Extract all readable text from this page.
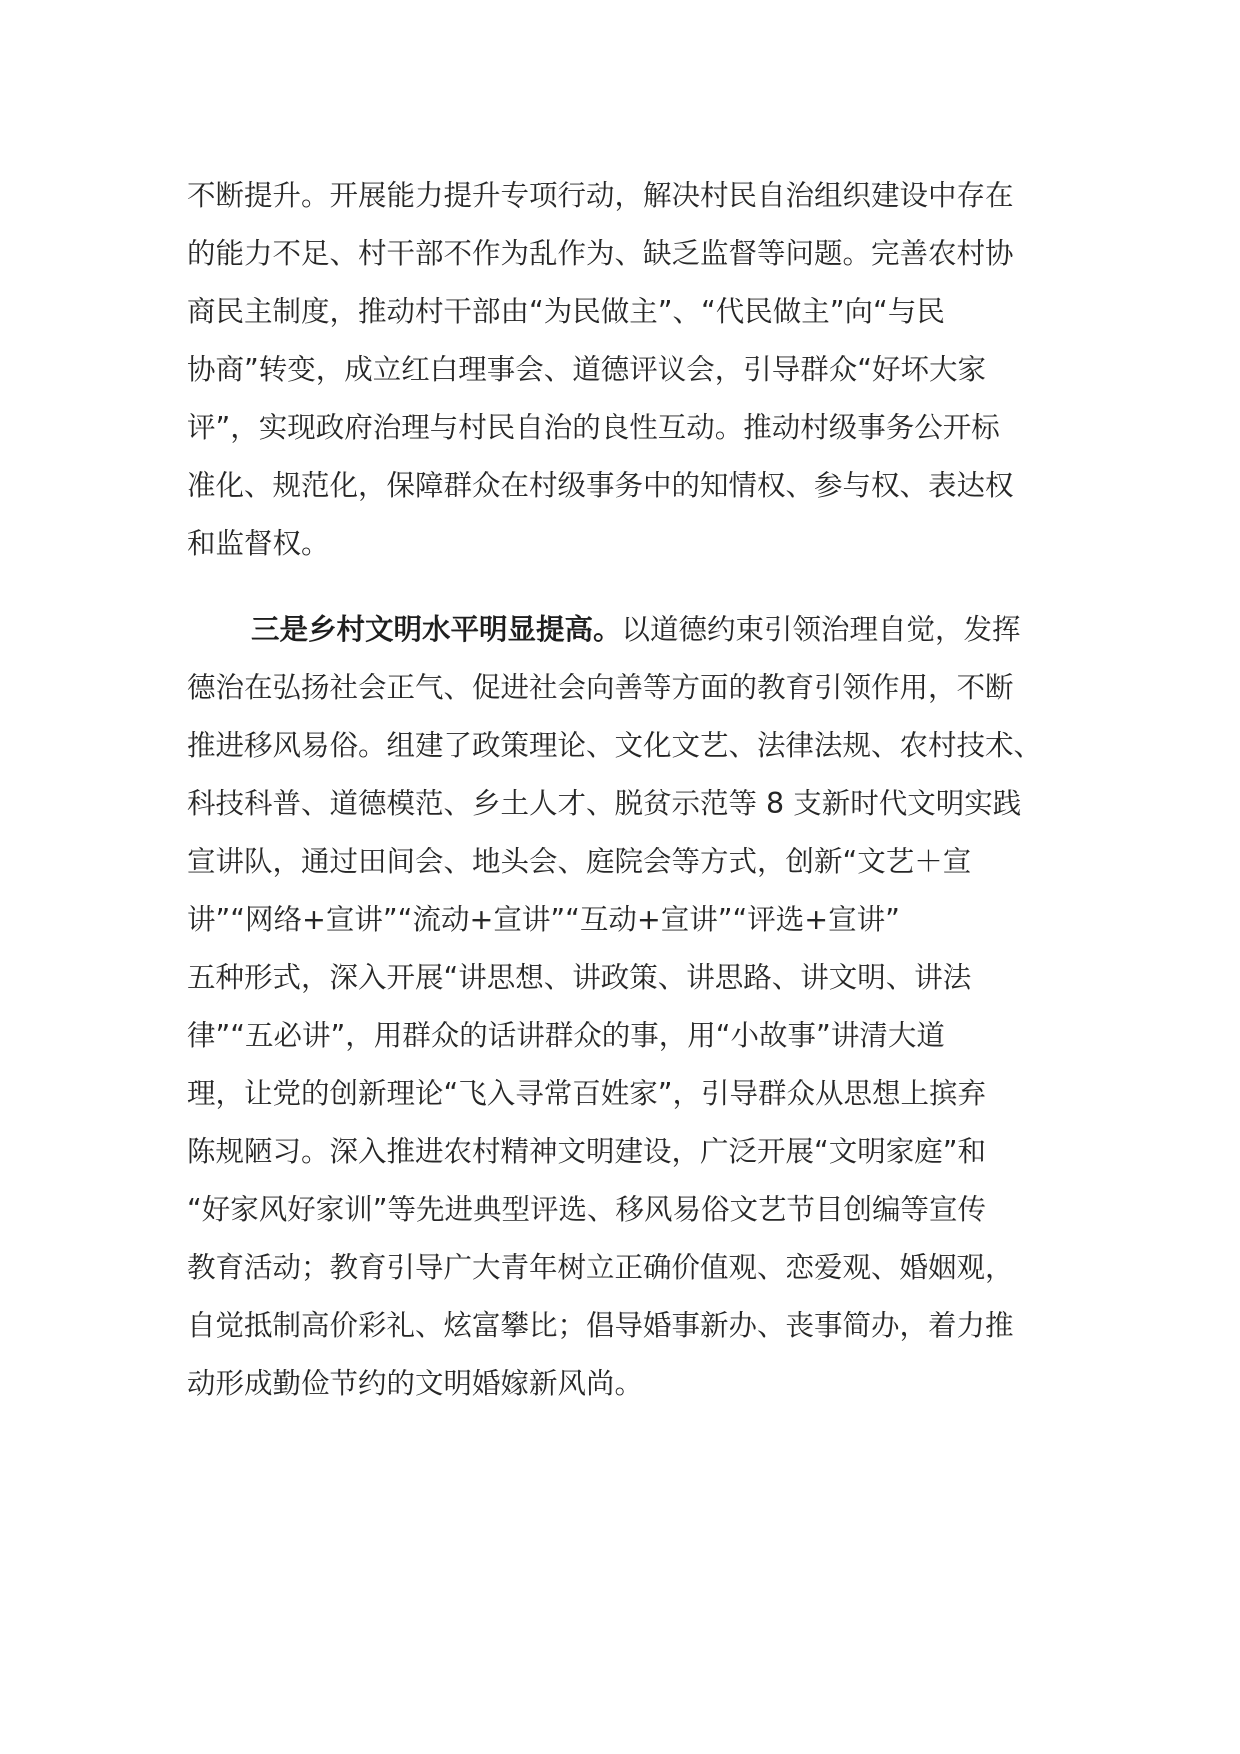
不断提升。开展能力提升专项行动，解决村民自治组织建设中存在
的能力不足、村干部不作为乱作为、缺乏监督等问题。完善农村协
商民主制度，推动村干部由“为民做主”、“代民做主”向“与民
协商”转变，成立红白理事会、道德评议会，引导群众“好坏大家
评”，实现政府治理与村民自治的良性互动。推动村级事务公开标
准化、规范化，保障群众在村级事务中的知情权、参与权、表达权
和监督权。
三是乡村文明水平明显提高。以道德约束引领治理自觉，发挥
德治在弘扬社会正气、促进社会向善等方面的教育引领作用，不断
推进移风易俗。组建了政策理论、文化文艺、法律法规、农村技术、
科技科普、道德模范、乡土人才、脱贫示范等 8 支新时代文明实践
宣讲队，通过田间会、地头会、庭院会等方式，创新“文艺＋宣
讲”“网络+宣讲”“流动+宣讲”“互动+宣讲”“评选+宣讲”
五种形式，深入开展“讲思想、讲政策、讲思路、讲文明、讲法
律”“五必讲”，用群众的话讲群众的事，用“小故事”讲清大道
理，让党的创新理论“飞入寻常百姓家”，引导群众从思想上摈弃
陈规陋习。深入推进农村精神文明建设，广泛开展“文明家庭”和
“好家风好家训”等先进典型评选、移风易俗文艺节目创编等宣传
教育活动；教育引导广大青年树立正确价值观、恋爱观、婚姻观，
自觉抵制高价彩礼、炫富攀比；倡导婚事新办、丧事简办，着力推
动形成勤俭节约的文明婚嫁新风尚。
